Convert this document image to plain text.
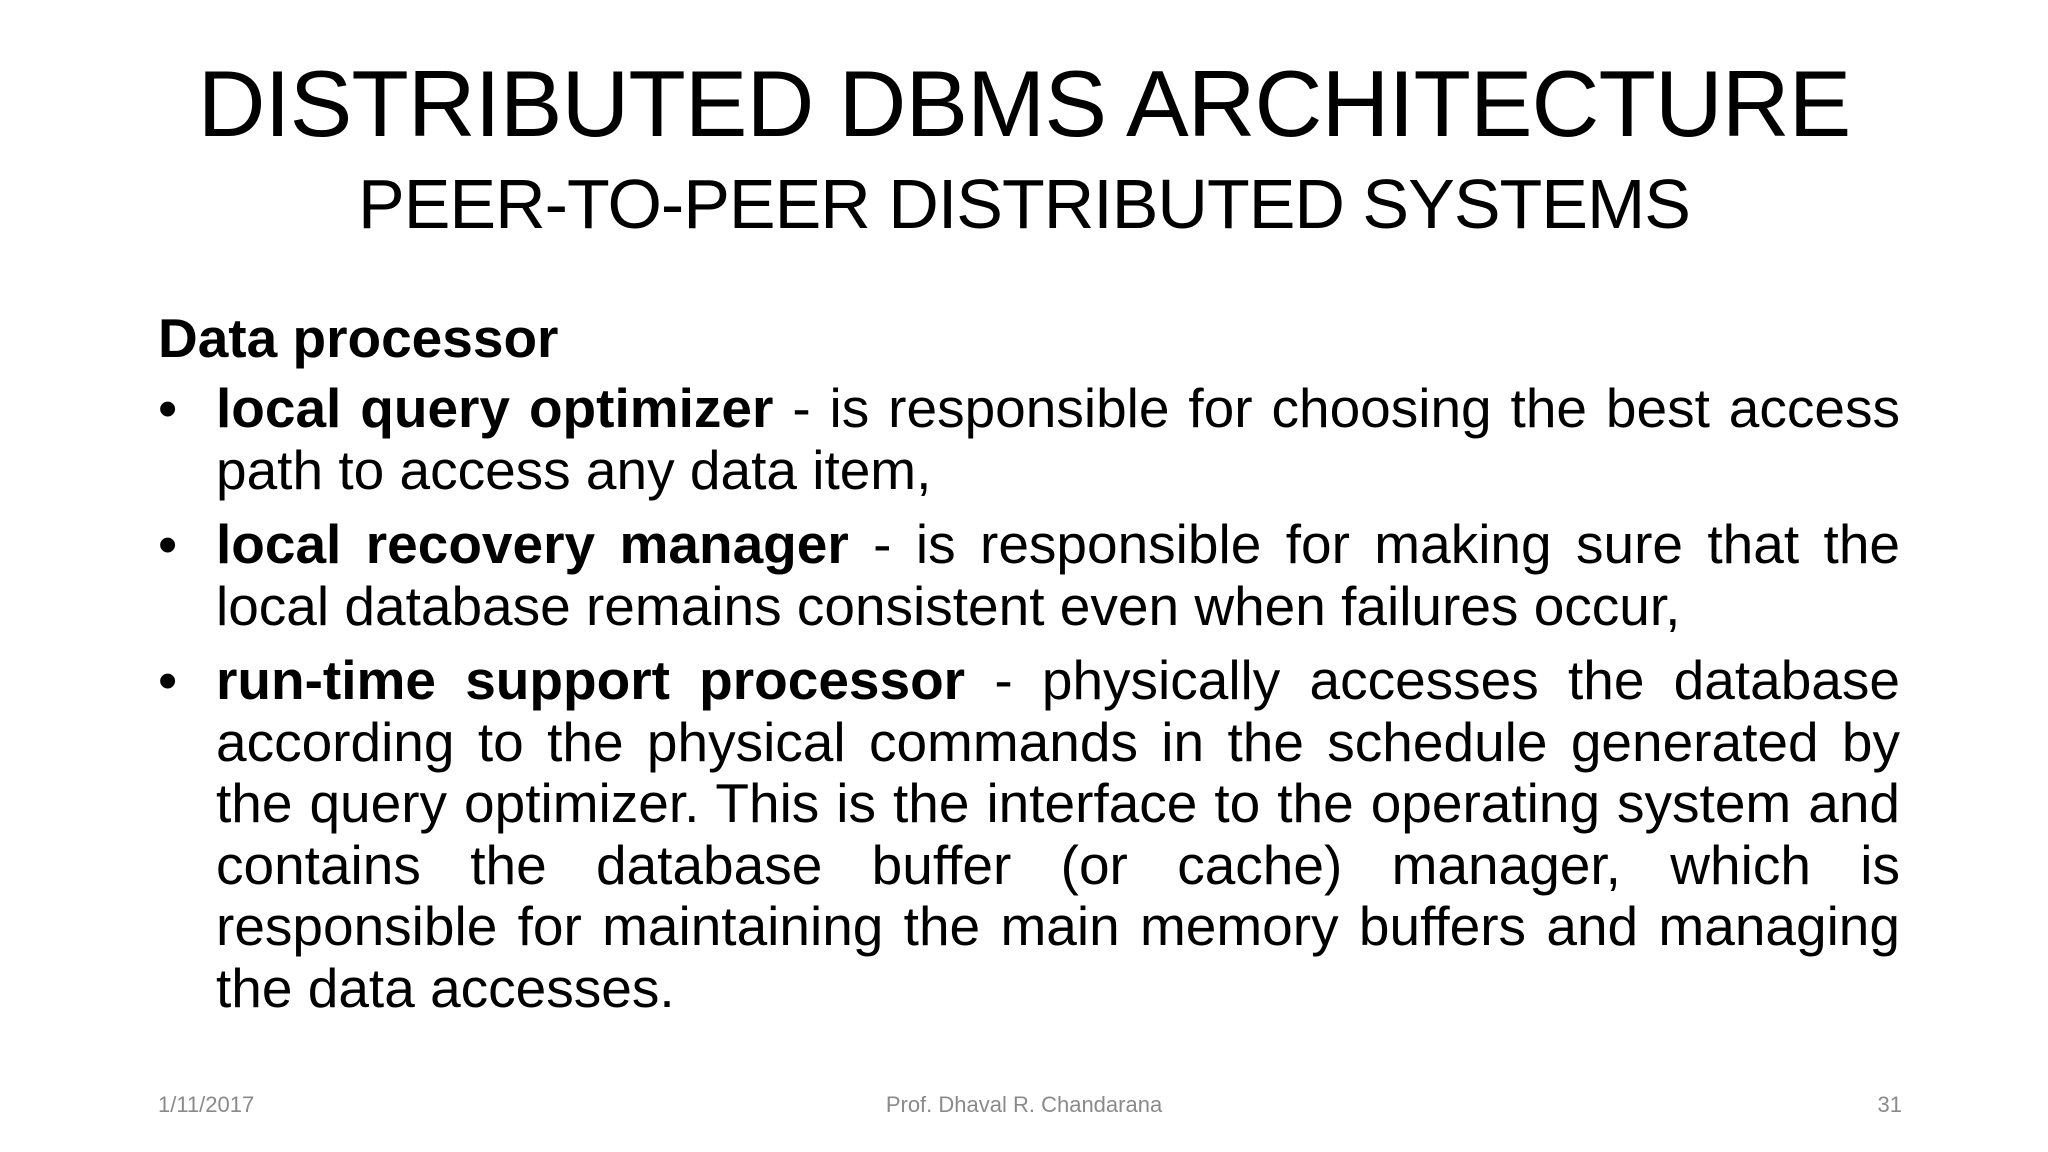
DISTRIBUTED DBMS ARCHITECTURE
PEER-TO-PEER DISTRIBUTED SYSTEMS
Data processor
• local query optimizer - is responsible for choosing the best access path to access any data item,
• local recovery manager - is responsible for making sure that the local database remains consistent even when failures occur,
• run-time support processor - physically accesses the database according to the physical commands in the schedule generated by the query optimizer. This is the interface to the operating system and contains the database buffer (or cache) manager, which is responsible for maintaining the main memory buffers and managing the data accesses.
1/11/2017	Prof. Dhaval R. Chandarana	31
